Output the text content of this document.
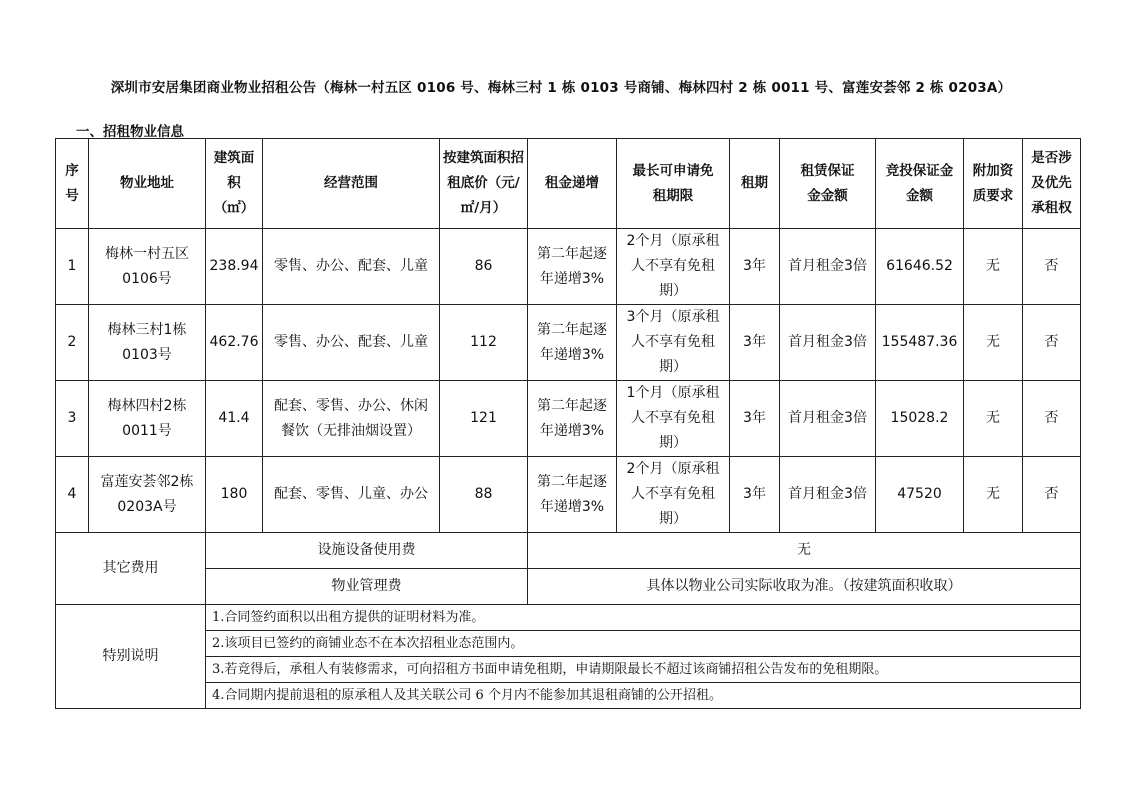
深圳市安居集团商业物业招租公告（梅林一村五区 0106 号、梅林三村 1 栋 0103 号商铺、梅林四村 2 栋 0011 号、富莲安荟邻 2 栋 0203A）
一、招租物业信息
序号	物业地址	建筑面积（㎡）	经营范围	按建筑面积招租底价（元/㎡/月）	租金递增	最长可申请免租期限	租期	租赁保证金金额	竞投保证金金额	附加资质要求	是否涉及优先承租权
1	梅林一村五区0106号	238.94	零售、办公、配套、儿童	86	第二年起逐年递增3%	2个月（原承租人不享有免租期）	3年	首月租金3倍	61646.52	无	否
2	梅林三村1栋0103号	462.76	零售、办公、配套、儿童	112	第二年起逐年递增3%	3个月（原承租人不享有免租期）	3年	首月租金3倍	155487.36	无	否
3	梅林四村2栋0011号	41.4	配套、零售、办公、休闲餐饮（无排油烟设置）	121	第二年起逐年递增3%	1个月（原承租人不享有免租期）	3年	首月租金3倍	15028.2	无	否
4	富莲安荟邻2栋0203A号	180	配套、零售、儿童、办公	88	第二年起逐年递增3%	2个月（原承租人不享有免租期）	3年	首月租金3倍	47520	无	否
其它费用		设施设备使用费			无						
		物业管理费			具体以物业公司实际收取为准。（按建筑面积收取）						
特别说明		1.合同签约面积以出租方提供的证明材料为准。									
		2.该项目已签约的商铺业态不在本次招租业态范围内。									
		3.若竞得后，承租人有装修需求，可向招租方书面申请免租期，申请期限最长不超过该商铺招租公告发布的免租期限。									
		4.合同期内提前退租的原承租人及其关联公司 6 个月内不能参加其退租商铺的公开招租。									
